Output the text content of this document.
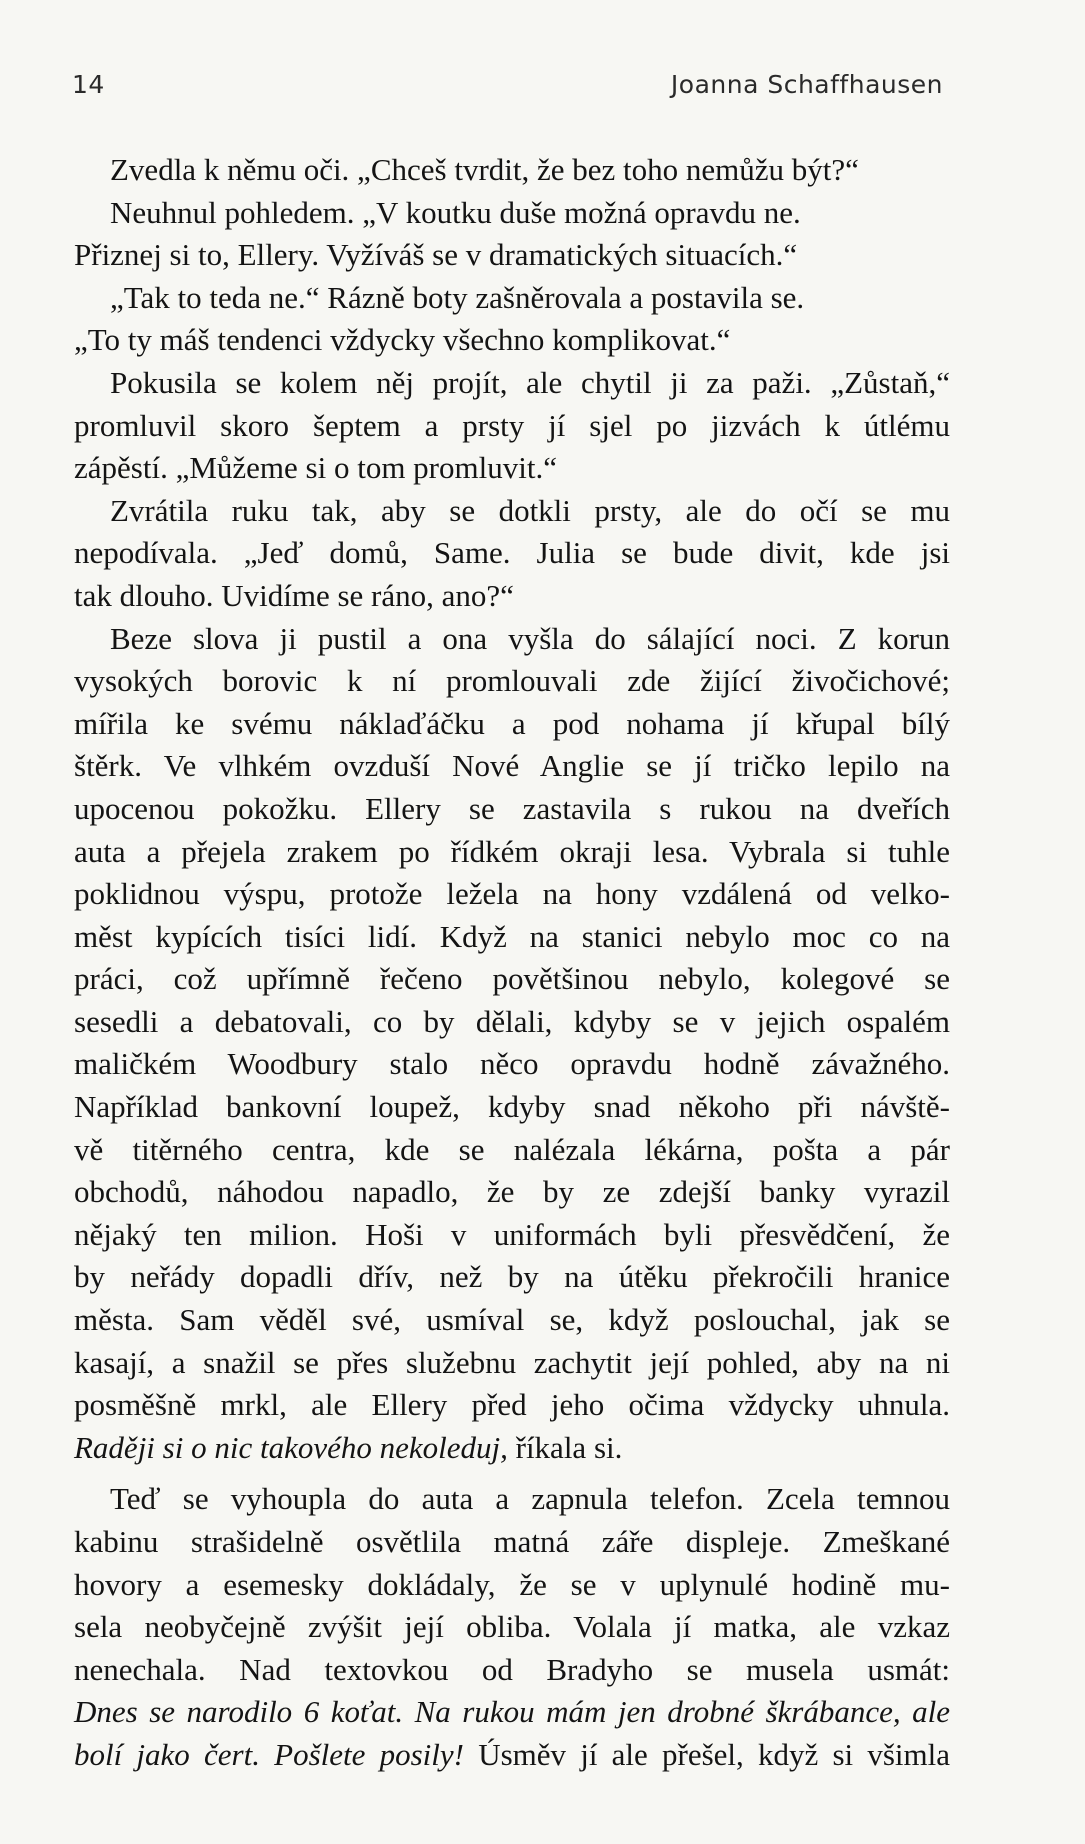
14	Joanna Schaffhausen
Zvedla k němu oči. „Chceš tvrdit, že bez toho nemůžu být?“
Neuhnul pohledem. „V koutku duše možná opravdu ne.
Přiznej si to, Ellery. Vyžíváš se v dramatických situacích.“
„Tak to teda ne.“ Rázně boty zašněrovala a postavila se.
„To ty máš tendenci vždycky všechno komplikovat.“
Pokusila se kolem něj projít, ale chytil ji za paži. „Zůstaň,“
promluvil skoro šeptem a prsty jí sjel po jizvách k útlému
zápěstí. „Můžeme si o tom promluvit.“
Zvrátila ruku tak, aby se dotkli prsty, ale do očí se mu
nepodívala. „Jeď domů, Same. Julia se bude divit, kde jsi
tak dlouho. Uvidíme se ráno, ano?“
Beze slova ji pustil a ona vyšla do sálající noci. Z korun
vysokých borovic k ní promlouvali zde žijící živočichové;
mířila ke svému náklaďáčku a pod nohama jí křupal bílý
štěrk. Ve vlhkém ovzduší Nové Anglie se jí tričko lepilo na
upocenou pokožku. Ellery se zastavila s rukou na dveřích
auta a přejela zrakem po řídkém okraji lesa. Vybrala si tuhle
poklidnou výspu, protože ležela na hony vzdálená od velko-
měst kypících tisíci lidí. Když na stanici nebylo moc co na
práci, což upřímně řečeno povětšinou nebylo, kolegové se
sesedli a debatovali, co by dělali, kdyby se v jejich ospalém
maličkém Woodbury stalo něco opravdu hodně závažného.
Například bankovní loupež, kdyby snad někoho při návště-
vě titěrného centra, kde se nalézala lékárna, pošta a pár
obchodů, náhodou napadlo, že by ze zdejší banky vyrazil
nějaký ten milion. Hoši v uniformách byli přesvědčení, že
by neřády dopadli dřív, než by na útěku překročili hranice
města. Sam věděl své, usmíval se, když poslouchal, jak se
kasají, a snažil se přes služebnu zachytit její pohled, aby na ni
posměšně mrkl, ale Ellery před jeho očima vždycky uhnula.
Raději si o nic takového nekoleduj, říkala si.
Teď se vyhoupla do auta a zapnula telefon. Zcela temnou
kabinu strašidelně osvětlila matná záře displeje. Zmeškané
hovory a esemesky dokládaly, že se v uplynulé hodině mu-
sela neobyčejně zvýšit její obliba. Volala jí matka, ale vzkaz
nenechala. Nad textovkou od Bradyho se musela usmát:
Dnes se narodilo 6 koťat. Na rukou mám jen drobné škrábance, ale
bolí jako čert. Pošlete posily! Úsměv jí ale přešel, když si všimla
